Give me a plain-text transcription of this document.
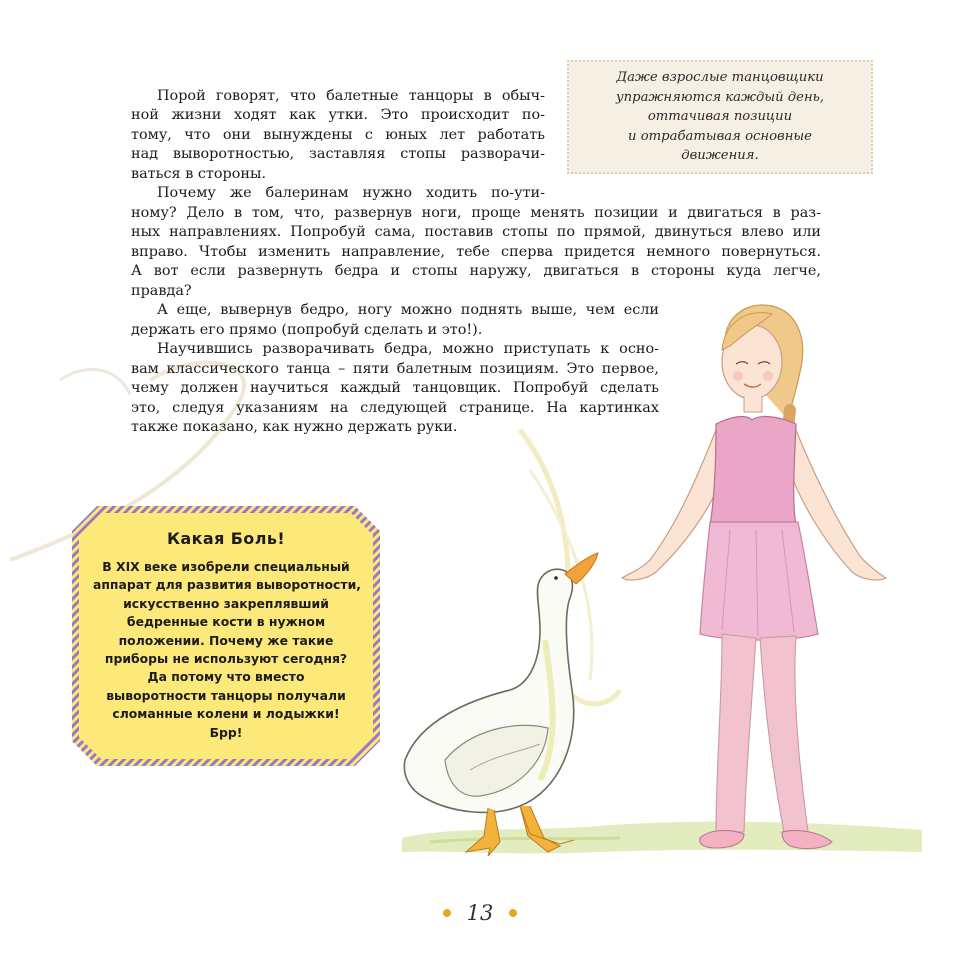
Порой говорят, что балетные танцоры в обыч-
ной жизни ходят как утки. Это происходит по-
тому, что они вынуждены с юных лет работать
над выворотностью, заставляя стопы разворачи-
ваться в стороны.
Почему же балеринам нужно ходить по-ути-
ному? Дело в том, что, развернув ноги, проще менять позиции и двигаться в раз-
ных направлениях. Попробуй сама, поставив стопы по прямой, двинуться влево или
вправо. Чтобы изменить направление, тебе сперва придется немного повернуться.
А вот если развернуть бедра и стопы наружу, двигаться в стороны куда легче,
правда?
А еще, вывернув бедро, ногу можно поднять выше, чем если
держать его прямо (попробуй сделать и это!).
Научившись разворачивать бедра, можно приступать к осно-
вам классического танца – пяти балетным позициям. Это первое,
чему должен научиться каждый танцовщик. Попробуй сделать
это, следуя указаниям на следующей странице. На картинках
также показано, как нужно держать руки.
Даже взрослые танцовщики
упражняются каждый день,
оттачивая позиции
и отрабатывая основные
движения.
Какая Боль!
В XIX веке изобрели специальный
аппарат для развития выворотности,
искусственно закреплявший
бедренные кости в нужном
положении. Почему же такие
приборы не используют сегодня?
Да потому что вместо
выворотности танцоры получали
сломанные колени и лодыжки!
Брр!
13
